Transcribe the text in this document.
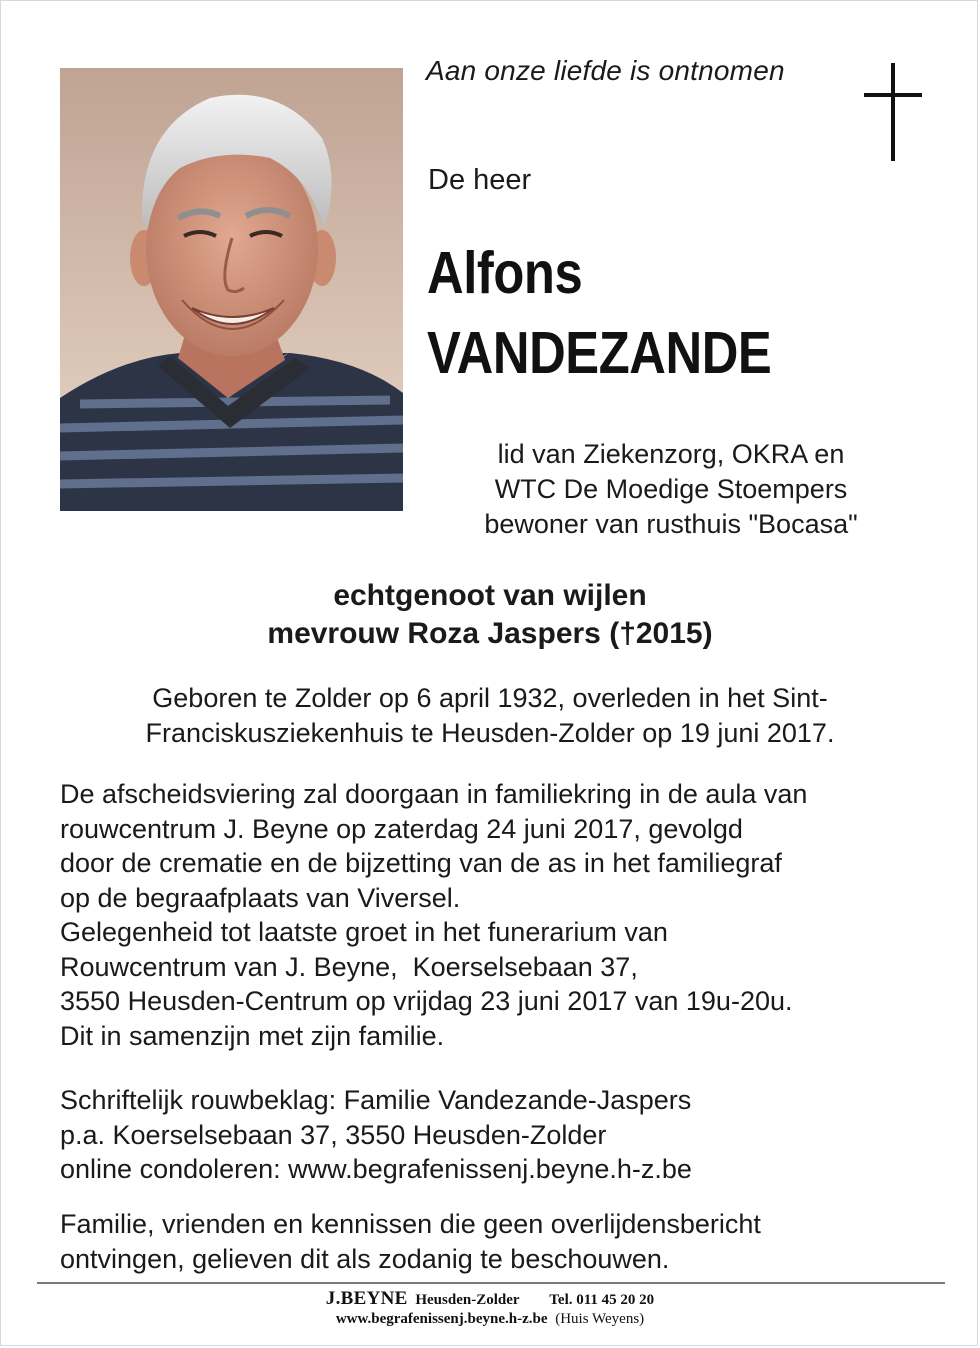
Aan onze liefde is ontnomen
De heer
Alfons
VANDEZANDE
lid van Ziekenzorg, OKRA en
WTC De Moedige Stoempers
bewoner van rusthuis "Bocasa"
echtgenoot van wijlen
mevrouw Roza Jaspers (†2015)
Geboren te Zolder op 6 april 1932, overleden in het Sint-
Franciskusziekenhuis te Heusden-Zolder op 19 juni 2017.
De afscheidsviering zal doorgaan in familiekring in de aula van
rouwcentrum J. Beyne op zaterdag 24 juni 2017, gevolgd
door de crematie en de bijzetting van de as in het familiegraf
op de begraafplaats van Viversel.
Gelegenheid tot laatste groet in het funerarium van
Rouwcentrum van J. Beyne,  Koerselsebaan 37,
3550 Heusden-Centrum op vrijdag 23 juni 2017 van 19u-20u.
Dit in samenzijn met zijn familie.
Schriftelijk rouwbeklag: Familie Vandezande-Jaspers
p.a. Koerselsebaan 37, 3550 Heusden-Zolder
online condoleren: www.begrafenissenj.beyne.h-z.be
Familie, vrienden en kennissen die geen overlijdensbericht
ontvingen, gelieven dit als zodanig te beschouwen.
J.BEYNE Heusden-Zolder Tel. 011 45 20 20
www.begrafenissenj.beyne.h-z.be (Huis Weyens)
